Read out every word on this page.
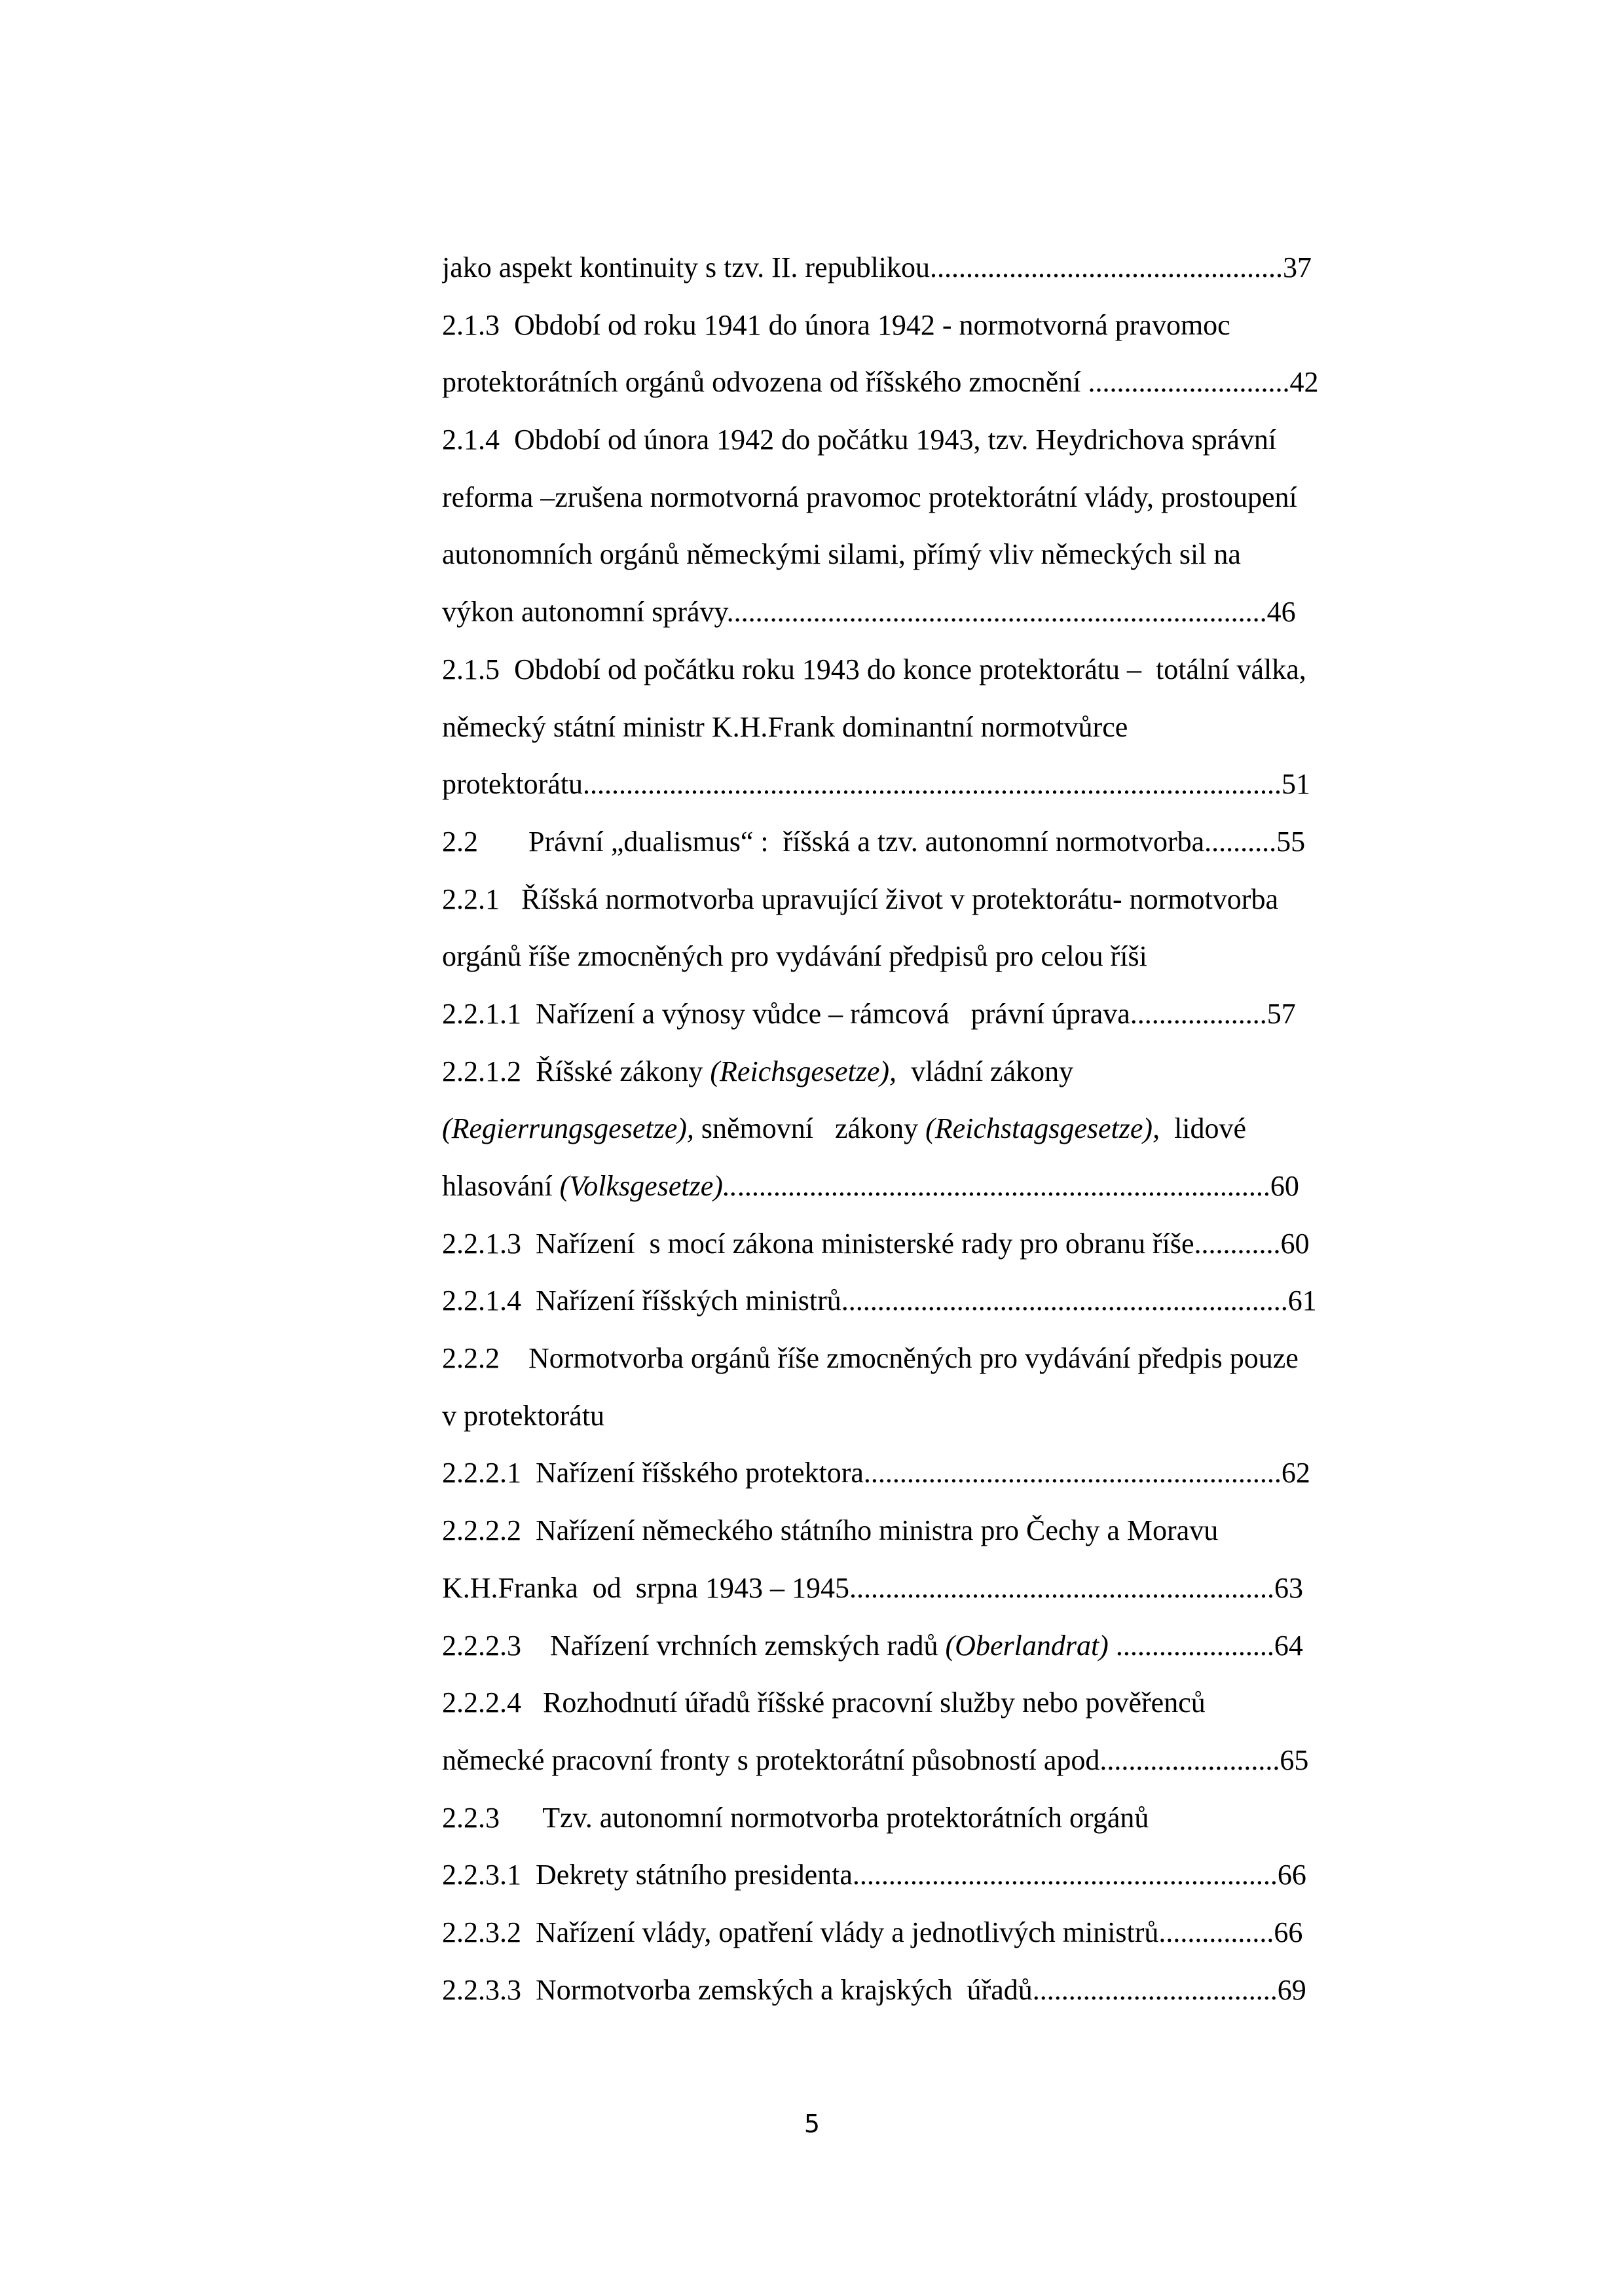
jako aspekt kontinuity s tzv. II. republikou.................................................37
2.1.3  Období od roku 1941 do února 1942 - normotvorná pravomoc
protektorátních orgánů odvozena od říšského zmocnění ............................42
2.1.4  Období od února 1942 do počátku 1943, tzv. Heydrichova správní
reforma –zrušena normotvorná pravomoc protektorátní vlády, prostoupení
autonomních orgánů německými silami, přímý vliv německých sil na
výkon autonomní správy...........................................................................46
2.1.5  Období od počátku roku 1943 do konce protektorátu –  totální válka,
německý státní ministr K.H.Frank dominantní normotvůrce
protektorátu.................................................................................................51
2.2       Právní „dualismus“ :  říšská a tzv. autonomní normotvorba..........55
2.2.1   Říšská normotvorba upravující život v protektorátu- normotvorba
orgánů říše zmocněných pro vydávání předpisů pro celou říši
2.2.1.1  Nařízení a výnosy vůdce – rámcová   právní úprava...................57
2.2.1.2  Říšské zákony (Reichsgesetze),  vládní zákony
(Regierrungsgesetze), sněmovní   zákony (Reichstagsgesetze),  lidové
hlasování (Volksgesetze)............................................................................60
2.2.1.3  Nařízení  s mocí zákona ministerské rady pro obranu říše............60
2.2.1.4  Nařízení říšských ministrů..............................................................61
2.2.2    Normotvorba orgánů říše zmocněných pro vydávání předpis pouze
v protektorátu
2.2.2.1  Nařízení říšského protektora..........................................................62
2.2.2.2  Nařízení německého státního ministra pro Čechy a Moravu
K.H.Franka  od  srpna 1943 – 1945...........................................................63
2.2.2.3    Nařízení vrchních zemských radů (Oberlandrat) ......................64
2.2.2.4   Rozhodnutí úřadů říšské pracovní služby nebo pověřenců
německé pracovní fronty s protektorátní působností apod.........................65
2.2.3      Tzv. autonomní normotvorba protektorátních orgánů
2.2.3.1  Dekrety státního presidenta...........................................................66
2.2.3.2  Nařízení vlády, opatření vlády a jednotlivých ministrů................66
2.2.3.3  Normotvorba zemských a krajských  úřadů..................................69
5
